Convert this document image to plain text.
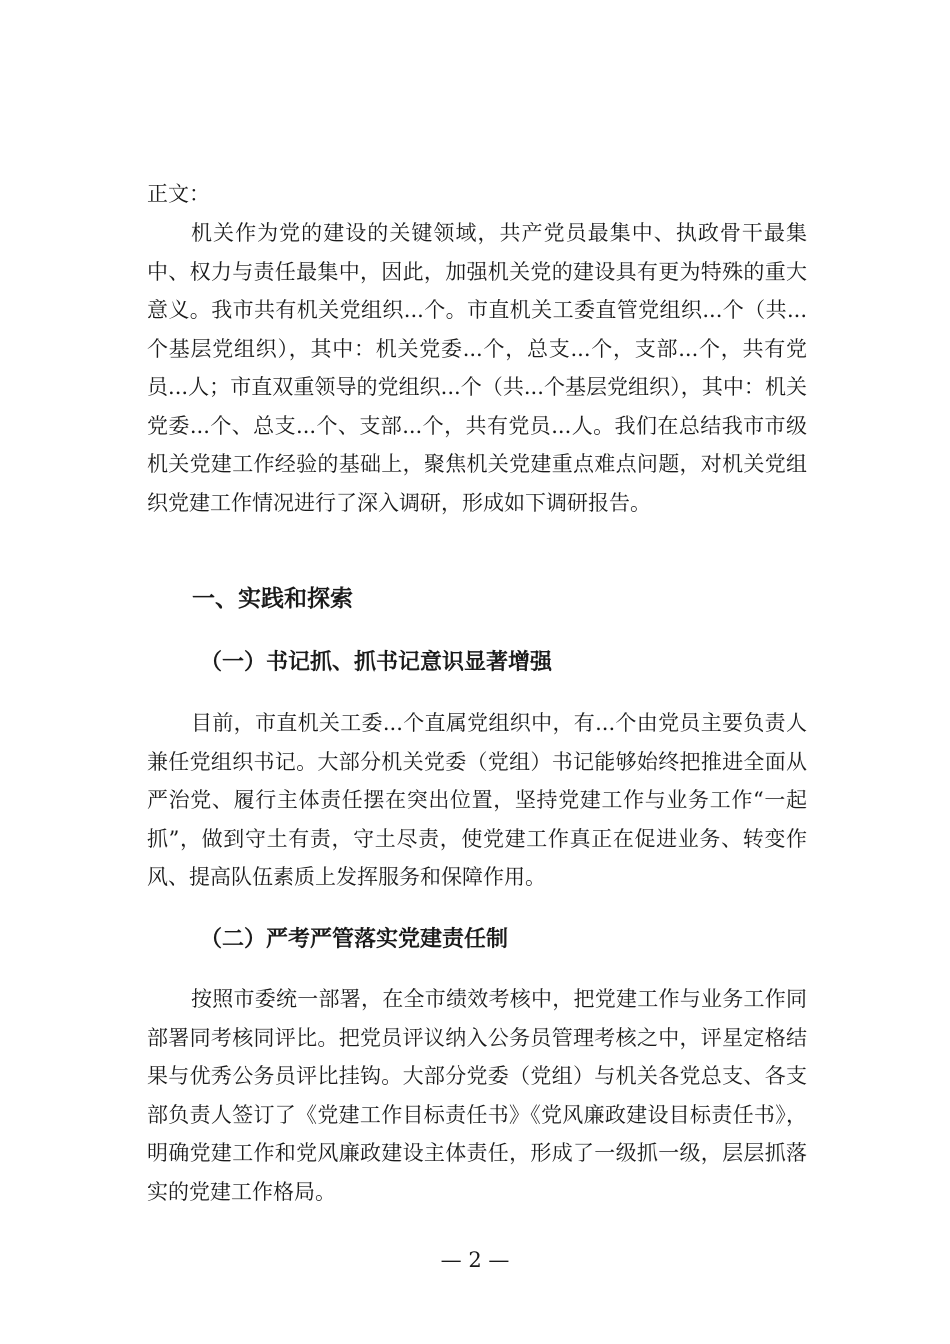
正文：

机关作为党的建设的关键领域，共产党员最集中、执政骨干最集中、权力与责任最集中，因此，加强机关党的建设具有更为特殊的重大意义。我市共有机关党组织...个。市直机关工委直管党组织...个（共...个基层党组织），其中：机关党委...个，总支...个，支部...个，共有党员...人；市直双重领导的党组织...个（共...个基层党组织），其中：机关党委...个、总支...个、支部...个，共有党员...人。我们在总结我市市级机关党建工作经验的基础上，聚焦机关党建重点难点问题，对机关党组织党建工作情况进行了深入调研，形成如下调研报告。

一、实践和探索
（一）书记抓、抓书记意识显著增强

目前，市直机关工委...个直属党组织中，有...个由党员主要负责人兼任党组织书记。大部分机关党委（党组）书记能够始终把推进全面从严治党、履行主体责任摆在突出位置，坚持党建工作与业务工作“一起抓”，做到守土有责，守土尽责，使党建工作真正在促进业务、转变作风、提高队伍素质上发挥服务和保障作用。

（二）严考严管落实党建责任制

按照市委统一部署，在全市绩效考核中，把党建工作与业务工作同部署同考核同评比。把党员评议纳入公务员管理考核之中，评星定格结果与优秀公务员评比挂钩。大部分党委（党组）与机关各党总支、各支部负责人签订了《党建工作目标责任书》《党风廉政建设目标责任书》，明确党建工作和党风廉政建设主体责任，形成了一级抓一级，层层抓落实的党建工作格局。

— 2 —
